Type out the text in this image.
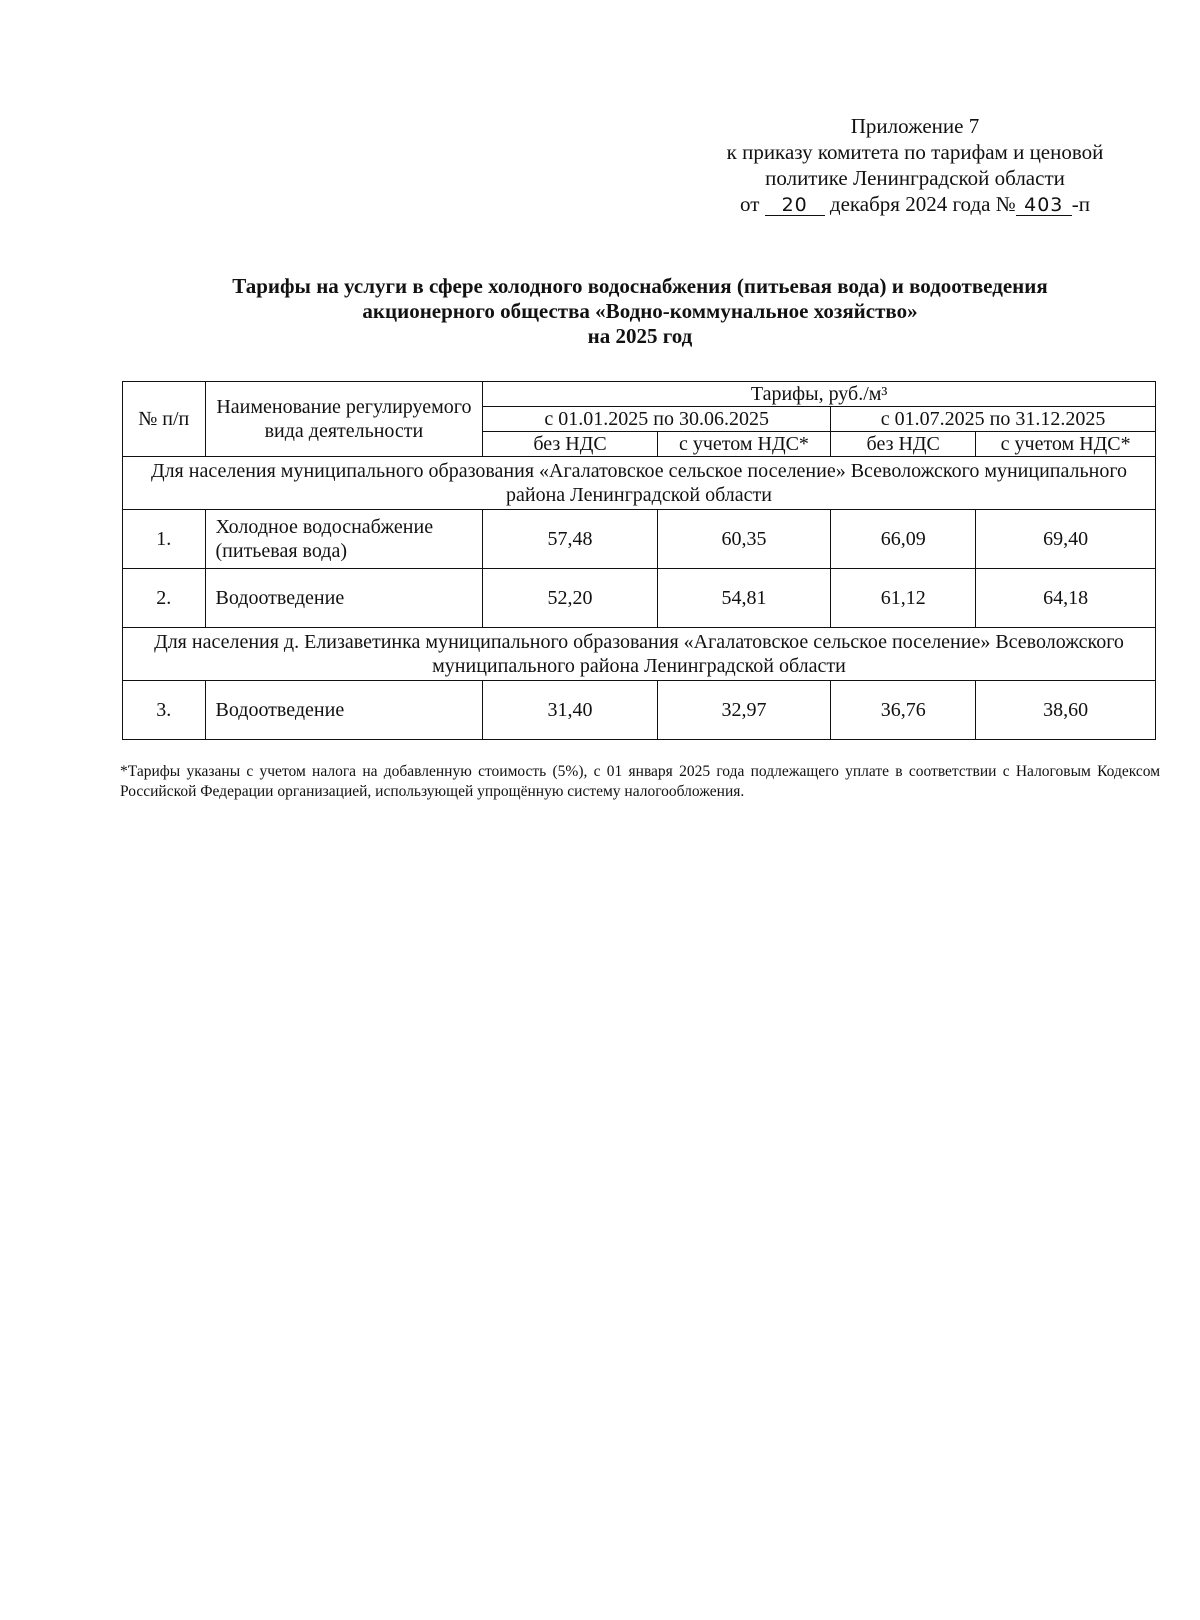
Приложение 7
к приказу комитета по тарифам и ценовой
политике Ленинградской области
от 20 декабря 2024 года № 403 -п
Тарифы на услуги в сфере холодного водоснабжения (питьевая вода) и водоотведения
акционерного общества «Водно-коммунальное хозяйство»
на 2025 год
№ п/п	Наименование регулируемого вида деятельности	Тарифы, руб./м³			
		с 01.01.2025 по 30.06.2025		с 01.07.2025 по 31.12.2025	
		без НДС	с учетом НДС*	без НДС	с учетом НДС*
Для населения муниципального образования «Агалатовское сельское поселение» Всеволожского муниципального района Ленинградской области					
1.	Холодное водоснабжение (питьевая вода)	57,48	60,35	66,09	69,40
2.	Водоотведение	52,20	54,81	61,12	64,18
Для населения д. Елизаветинка муниципального образования «Агалатовское сельское поселение» Всеволожского муниципального района Ленинградской области					
3.	Водоотведение	31,40	32,97	36,76	38,60
*Тарифы указаны с учетом налога на добавленную стоимость (5%), с 01 января 2025 года подлежащего уплате в соответствии с Налоговым Кодексом Российской Федерации организацией, использующей упрощённую систему налогообложения.
